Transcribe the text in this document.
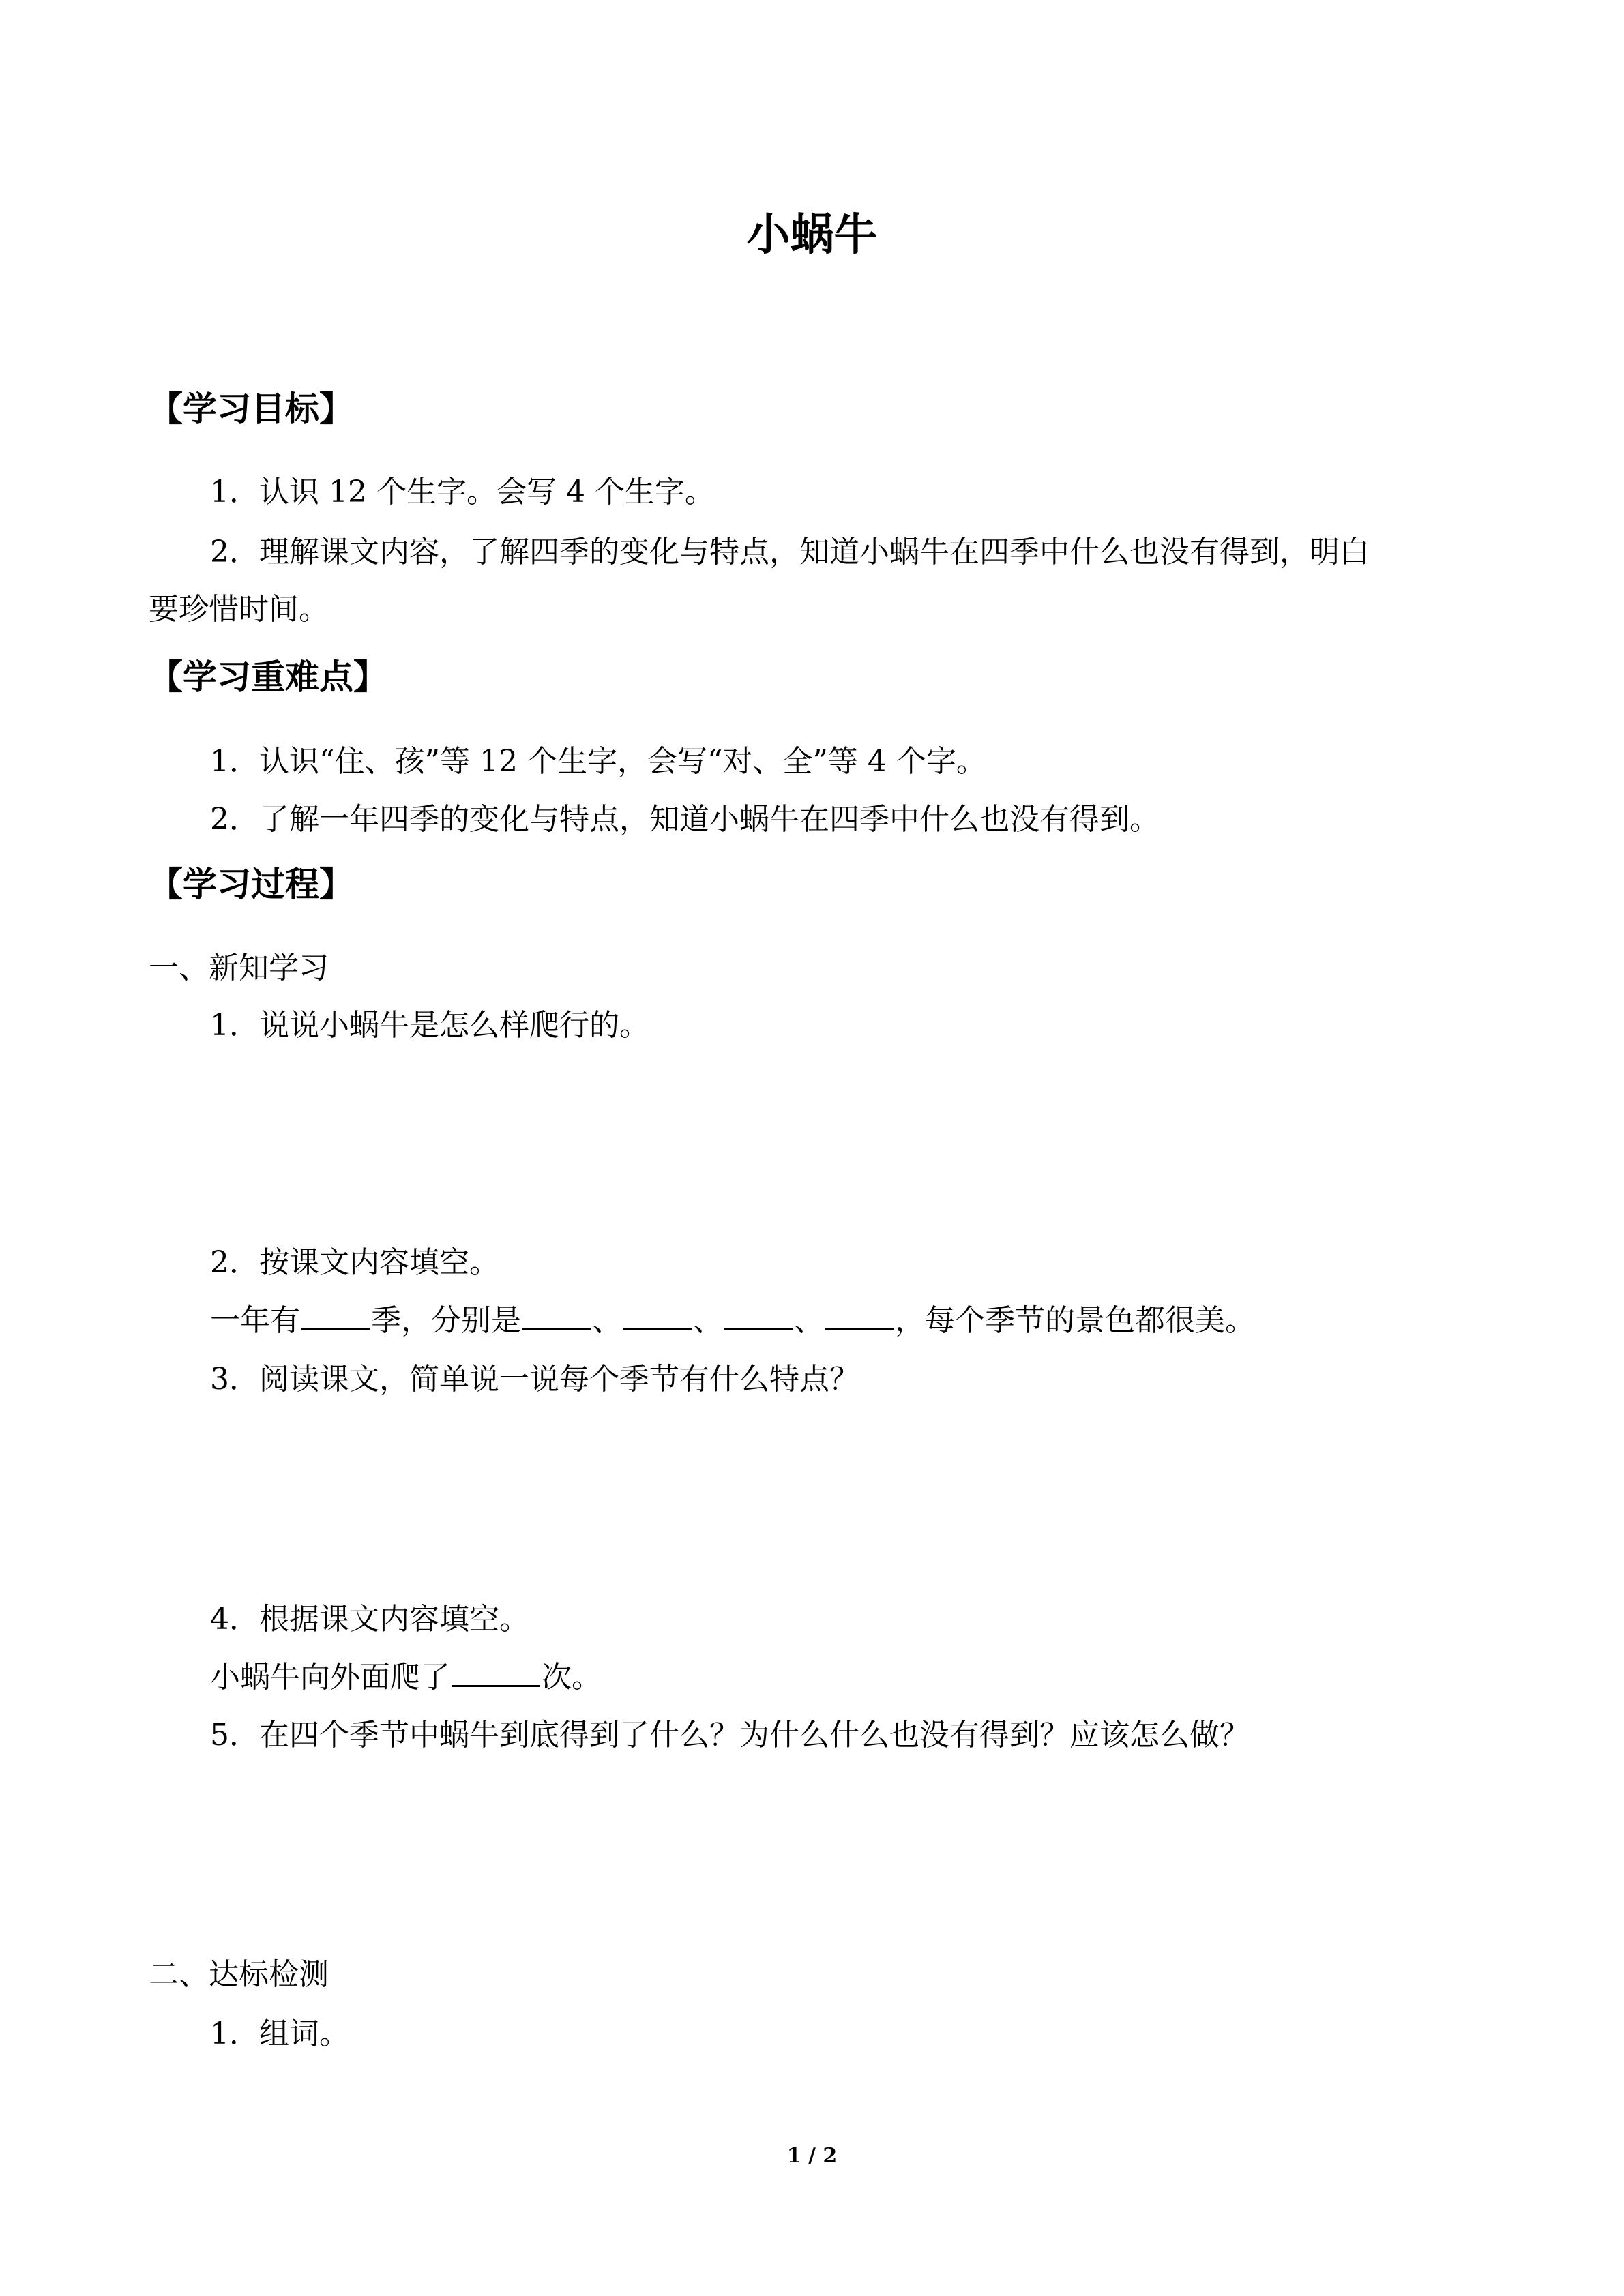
小蜗牛
【学习目标】
1．认识 12 个生字。会写 4 个生字。
2．理解课文内容，了解四季的变化与特点，知道小蜗牛在四季中什么也没有得到，明白
要珍惜时间。
【学习重难点】
1．认识“住、孩”等 12 个生字，会写“对、全”等 4 个字。
2．了解一年四季的变化与特点，知道小蜗牛在四季中什么也没有得到。
【学习过程】
一、新知学习
1．说说小蜗牛是怎么样爬行的。
2．按课文内容填空。
一年有 季，分别是 、 、 、 ，每个季节的景色都很美。
3．阅读课文，简单说一说每个季节有什么特点？
4．根据课文内容填空。
小蜗牛向外面爬了	次。
5．在四个季节中蜗牛到底得到了什么？为什么什么也没有得到？应该怎么做？
二、达标检测
1．组词。
1 / 2
